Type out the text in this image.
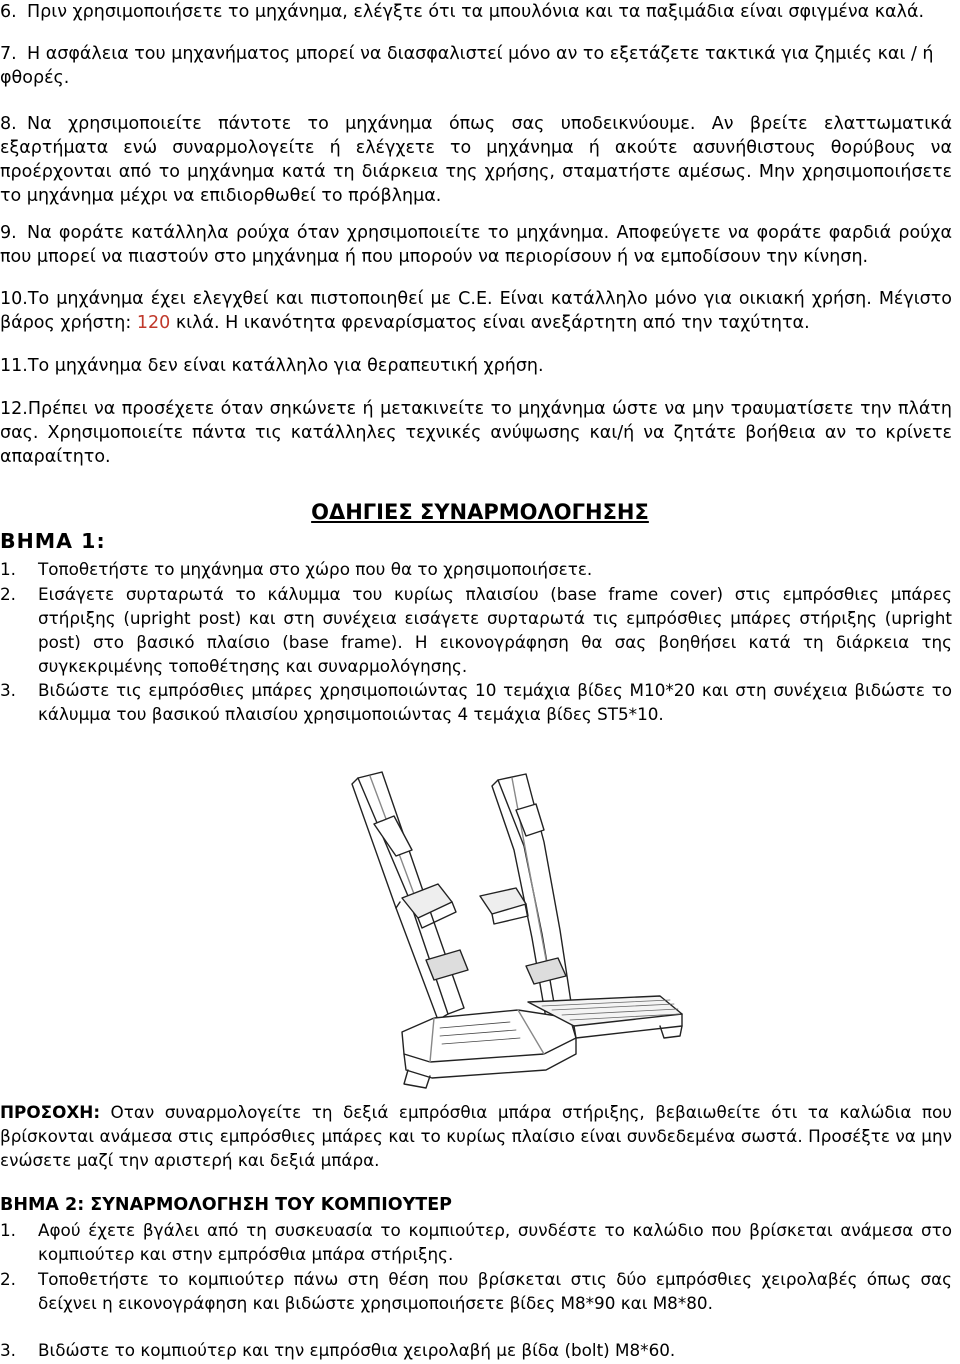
6. Πριν χρησιμοποιήσετε το μηχάνημα, ελέγξτε ότι τα μπουλόνια και τα παξιμάδια είναι σφιγμένα καλά.
7. Η ασφάλεια του μηχανήματος μπορεί να διασφαλιστεί μόνο αν το εξετάζετε τακτικά για ζημιές και / ή φθορές.
8. Να χρησιμοποιείτε πάντοτε το μηχάνημα όπως σας υποδεικνύουμε. Αν βρείτε ελαττωματικά εξαρτήματα ενώ συναρμολογείτε ή ελέγχετε το μηχάνημα ή ακούτε ασυνήθιστους θορύβους να προέρχονται από το μηχάνημα κατά τη διάρκεια της χρήσης, σταματήστε αμέσως. Μην χρησιμοποιήσετε το μηχάνημα μέχρι να επιδιορθωθεί το πρόβλημα.
9. Να φοράτε κατάλληλα ρούχα όταν χρησιμοποιείτε το μηχάνημα. Αποφεύγετε να φοράτε φαρδιά ρούχα που μπορεί να πιαστούν στο μηχάνημα ή που μπορούν να περιορίσουν ή να εμποδίσουν την κίνηση.
10.Το μηχάνημα έχει ελεγχθεί και πιστοποιηθεί με C.E. Είναι κατάλληλο μόνο για οικιακή χρήση. Μέγιστο βάρος χρήστη: 120 κιλά. Η ικανότητα φρεναρίσματος είναι ανεξάρτητη από την ταχύτητα.
11.Το μηχάνημα δεν είναι κατάλληλο για θεραπευτική χρήση.
12.Πρέπει να προσέχετε όταν σηκώνετε ή μετακινείτε το μηχάνημα ώστε να μην τραυματίσετε την πλάτη σας. Χρησιμοποιείτε πάντα τις κατάλληλες τεχνικές ανύψωσης και/ή να ζητάτε βοήθεια αν το κρίνετε απαραίτητο.
ΟΔΗΓΙΕΣ ΣΥΝΑΡΜΟΛΟΓΗΣΗΣ
ΒΗΜΑ 1:
1.	Τοποθετήστε το μηχάνημα στο χώρο που θα το χρησιμοποιήσετε.
2.	Εισάγετε συρταρωτά το κάλυμμα του κυρίως πλαισίου (base frame cover) στις εμπρόσθιες μπάρες στήριξης (upright post) και στη συνέχεια εισάγετε συρταρωτά τις εμπρόσθιες μπάρες στήριξης (upright post) στο βασικό πλαίσιο (base frame). Η εικονογράφηση θα σας βοηθήσει κατά τη διάρκεια της συγκεκριμένης τοποθέτησης και συναρμολόγησης.
3.	Βιδώστε τις εμπρόσθιες μπάρες χρησιμοποιώντας 10 τεμάχια βίδες M10*20 και στη συνέχεια βιδώστε το κάλυμμα του βασικού πλαισίου χρησιμοποιώντας 4 τεμάχια βίδες ST5*10.
ΠΡΟΣΟΧΗ: Οταν συναρμολογείτε τη δεξιά εμπρόσθια μπάρα στήριξης, βεβαιωθείτε ότι τα καλώδια που βρίσκονται ανάμεσα στις εμπρόσθιες μπάρες και το κυρίως πλαίσιο είναι συνδεδεμένα σωστά. Προσέξτε να μην ενώσετε μαζί την αριστερή και δεξιά μπάρα.
ΒΗΜΑ 2: ΣΥΝΑΡΜΟΛΟΓΗΣΗ ΤΟΥ ΚΟΜΠΙΟΥΤΕΡ
1.	Αφού έχετε βγάλει από τη συσκευασία το κομπιούτερ, συνδέστε το καλώδιο που βρίσκεται ανάμεσα στο κομπιούτερ και στην εμπρόσθια μπάρα στήριξης.
2.	Τοποθετήστε το κομπιούτερ πάνω στη θέση που βρίσκεται στις δύο εμπρόσθιες χειρολαβές όπως σας δείχνει η εικονογράφηση και βιδώστε χρησιμοποιήσετε βίδες M8*90 και M8*80.
3.	Βιδώστε το κομπιούτερ και την εμπρόσθια χειρολαβή με βίδα (bolt) M8*60.
